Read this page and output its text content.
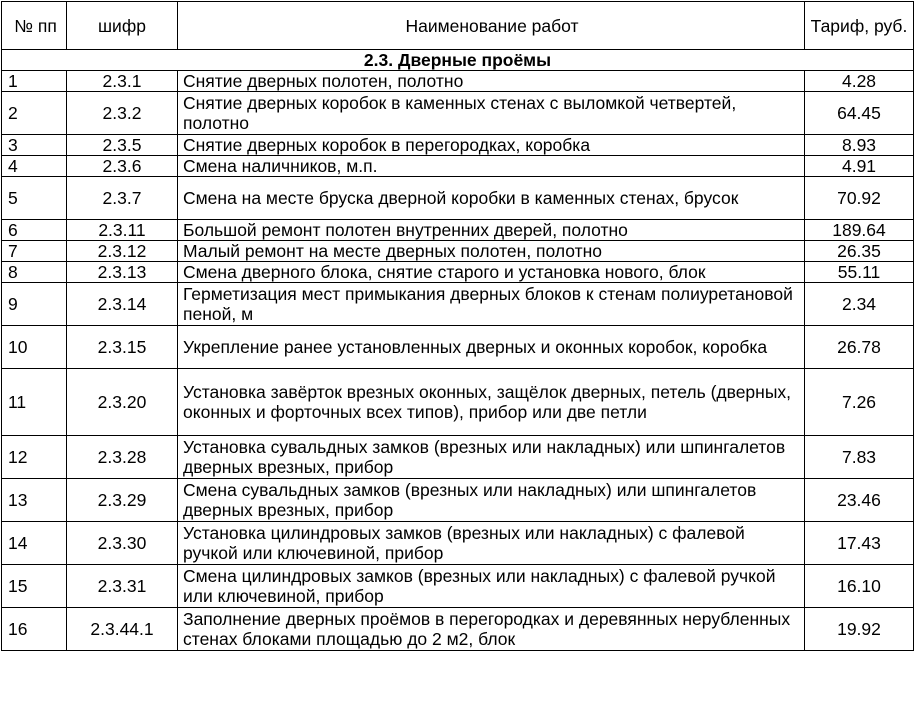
№ пп	шифр	Наименование работ	Тариф, руб.
2.3. Дверные проёмы			
1	2.3.1	Снятие дверных полотен, полотно	4.28
2	2.3.2	Снятие дверных коробок в каменных стенах с выломкой четвертей, полотно	64.45
3	2.3.5	Снятие дверных коробок в перегородках, коробка	8.93
4	2.3.6	Смена наличников, м.п.	4.91
5	2.3.7	Смена на месте бруска дверной коробки в каменных стенах, брусок	70.92
6	2.3.11	Большой ремонт полотен внутренних дверей, полотно	189.64
7	2.3.12	Малый ремонт на месте дверных полотен, полотно	26.35
8	2.3.13	Смена дверного блока, снятие старого и установка нового, блок	55.11
9	2.3.14	Герметизация мест примыкания дверных блоков к стенам полиуретановой пеной, м	2.34
10	2.3.15	Укрепление ранее установленных дверных и оконных коробок, коробка	26.78
11	2.3.20	Установка завёрток врезных оконных, защёлок дверных, петель (дверных, оконных и форточных всех типов), прибор или две петли	7.26
12	2.3.28	Установка сувальдных замков (врезных или накладных) или шпингалетов дверных врезных, прибор	7.83
13	2.3.29	Смена сувальдных замков (врезных или накладных) или шпингалетов дверных врезных, прибор	23.46
14	2.3.30	Установка цилиндровых замков (врезных или накладных) с фалевой ручкой или ключевиной, прибор	17.43
15	2.3.31	Смена цилиндровых замков (врезных или накладных) с фалевой ручкой или ключевиной, прибор	16.10
16	2.3.44.1	Заполнение дверных проёмов в перегородках и деревянных нерубленных стенах блоками площадью до 2 м2, блок	19.92
